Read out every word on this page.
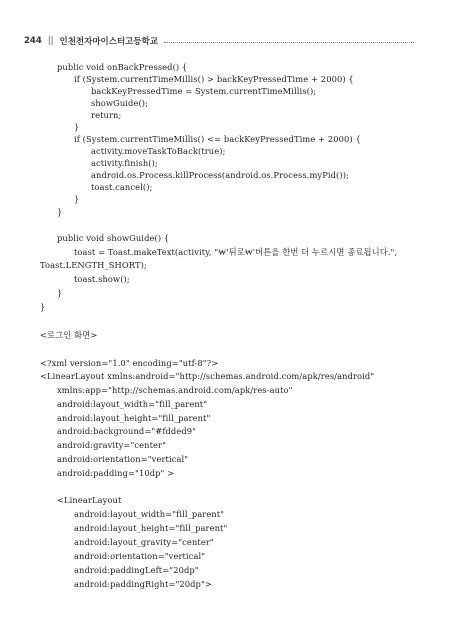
244 || 인천전자마이스터고등학교
public void onBackPressed() {
if (System.currentTimeMillis() > backKeyPressedTime + 2000) {
backKeyPressedTime = System.currentTimeMillis();
showGuide();
return;
}
if (System.currentTimeMillis() <= backKeyPressedTime + 2000) {
activity.moveTaskToBack(true);
activity.finish();
android.os.Process.killProcess(android.os.Process.myPid());
toast.cancel();
}
}
public void showGuide() {
toast = Toast.makeText(activity, "₩'뒤로₩'버튼을 한번 더 누르시면 종료됩니다.",
Toast.LENGTH_SHORT);
toast.show();
}
}
<로그인 화면>
<?xml version="1.0" encoding="utf-8"?>
<LinearLayout xmlns:android="http://schemas.android.com/apk/res/android"
xmlns:app="http://schemas.android.com/apk/res-auto"
android:layout_width="fill_parent"
android:layout_height="fill_parent"
android:background="#fdded9"
android:gravity="center"
android:orientation="vertical"
android:padding="10dp" >
<LinearLayout
android:layout_width="fill_parent"
android:layout_height="fill_parent"
android:layout_gravity="center"
android:orientation="vertical"
android:paddingLeft="20dp"
android:paddingRight="20dp">
